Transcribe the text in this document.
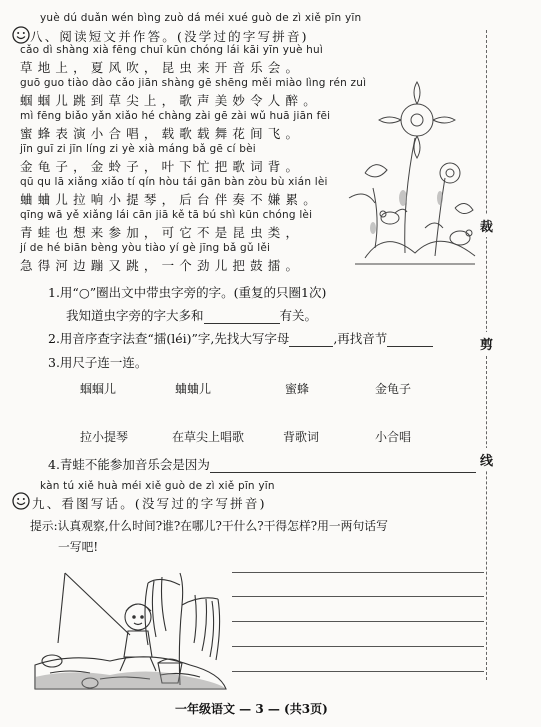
yuè dú duǎn wén bìng zuò dá méi xué guò de zì xiě pīn yīn
八、阅读短文并作答。(没学过的字写拼音)
cǎo dì shàng xià fēng chuī kūn chóng lái kāi yīn yuè huì
草地上，夏风吹，昆虫来开音乐会。
guō guo tiào dào cǎo jiān shàng gē shēng měi miào lìng rén zuì
蝈蝈儿跳到草尖上，歌声美妙令人醉。
mì fēng biǎo yǎn xiǎo hé chàng zài gē zài wǔ huā jiān fēi
蜜蜂表演小合唱，载歌载舞花间飞。
jīn guī zi jīn líng zi yè xià máng bǎ gē cí bèi
金龟子，金蛉子，叶下忙把歌词背。
qū qu lā xiǎng xiǎo tí qín hòu tái gān bàn zòu bù xián lèi
蛐蛐儿拉响小提琴，后台伴奏不嫌累。
qīng wā yě xiǎng lái cān jiā kě tā bú shì kūn chóng lèi
青蛙也想来参加，可它不是昆虫类，
jí de hé biān bèng yòu tiào yí gè jīng bǎ gǔ lěi
急得河边蹦又跳，一个劲儿把鼓擂。
1.用“○”圈出文中带虫字旁的字。(重复的只圈1次)
我知道虫字旁的字大多和	有关。
2.用音序查字法查“擂(léi)”字,先找大写字母	,再找音节
3.用尺子连一连。
蝈蝈儿	蛐蛐儿	蜜蜂	金龟子
拉小提琴	在草尖上唱歌	背歌词	小合唱
4.青蛙不能参加音乐会是因为
kàn tú xiě huà méi xiě guò de zì xiě pīn yīn
九、看图写话。(没写过的字写拼音)
提示:认真观察,什么时间?谁?在哪儿?干什么?干得怎样?用一两句话写
一写吧!
裁
剪
线
一年级语文 — 3 — (共3页)
